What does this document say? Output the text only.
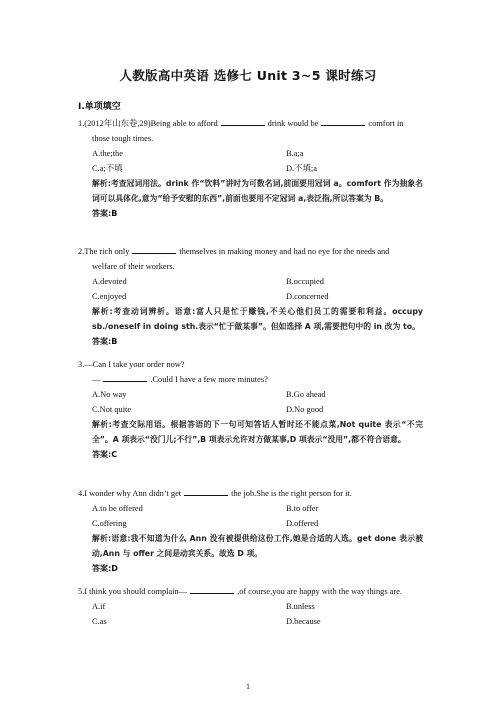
人教版高中英语 选修七 Unit 3~5 课时练习
Ⅰ.单项填空
1.(2012年山东卷,29)Being able to afford	drink would be	comfort in
those tough times.
A.the;the	B.a;a
C.a;不填	D.不填;a
解析:考查冠词用法。drink 作“饮料”讲时为可数名词,前面要用冠词 a。comfort 作为抽象名词可以具体化,意为“给予安慰的东西”,前面也要用不定冠词 a,表泛指,所以答案为 B。
答案:B
2.The rich only	themselves in making money and had no eye for the needs and
welfare of their workers.
A.devoted	B.occupied
C.enjoyed	D.concerned
解析:考查动词辨析。语意:富人只是忙于赚钱,不关心他们员工的需要和利益。occupy sb./oneself in doing sth.表示“忙于做某事”。但如选择 A 项,需要把句中的 in 改为 to。
答案:B
3.—Can I take your order now?
—	.Could I have a few more minutes?
A.No way	B.Go ahead
C.Not quite	D.No good
解析:考查交际用语。根据答语的下一句可知答话人暂时还不能点菜,Not quite 表示“不完全”。A 项表示“没门儿;不行”,B 项表示允许对方做某事,D 项表示“没用”,都不符合语意。
答案:C
4.I wonder why Ann didn’t get	the job.She is the right person for it.
A.to be offered	B.to offer
C.offering	D.offered
解析:语意:我不知道为什么 Ann 没有被提供给这份工作,她是合适的人选。get done 表示被动,Ann 与 offer 之间是动宾关系。故选 D 项。
答案:D
5.I think you should complain—	,of course,you are happy with the way things are.
A.if	B.unless
C.as	D.because
1
